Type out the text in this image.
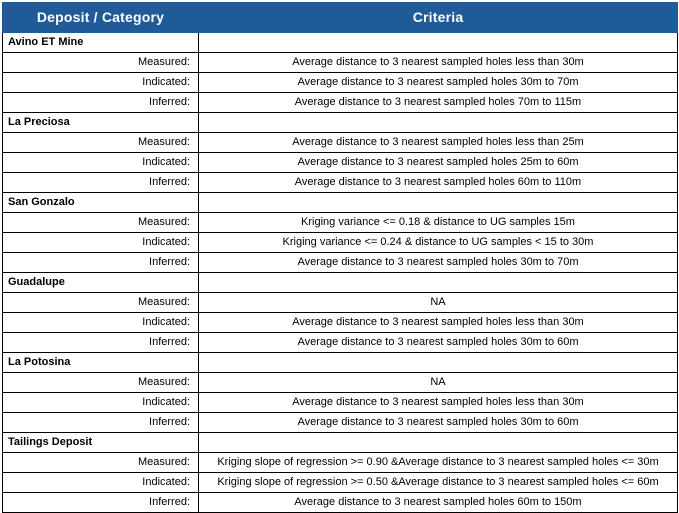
Deposit / Category	Criteria
Avino ET Mine	
Measured:	Average distance to 3 nearest sampled holes less than 30m
Indicated:	Average distance to 3 nearest sampled holes 30m to 70m
Inferred:	Average distance to 3 nearest sampled holes 70m to 115m
La Preciosa	
Measured:	Average distance to 3 nearest sampled holes less than 25m
Indicated:	Average distance to 3 nearest sampled holes 25m to 60m
Inferred:	Average distance to 3 nearest sampled holes 60m to 110m
San Gonzalo	
Measured:	Kriging variance <= 0.18 & distance to UG samples 15m
Indicated:	Kriging variance <= 0.24 & distance to UG samples < 15 to 30m
Inferred:	Average distance to 3 nearest sampled holes 30m to 70m
Guadalupe	
Measured:	NA
Indicated:	Average distance to 3 nearest sampled holes less than 30m
Inferred:	Average distance to 3 nearest sampled holes 30m to 60m
La Potosina	
Measured:	NA
Indicated:	Average distance to 3 nearest sampled holes less than 30m
Inferred:	Average distance to 3 nearest sampled holes 30m to 60m
Tailings Deposit	
Measured:	Kriging slope of regression >= 0.90 &Average distance to 3 nearest sampled holes <= 30m
Indicated:	Kriging slope of regression >= 0.50 &Average distance to 3 nearest sampled holes <= 60m
Inferred:	Average distance to 3 nearest sampled holes 60m to 150m
